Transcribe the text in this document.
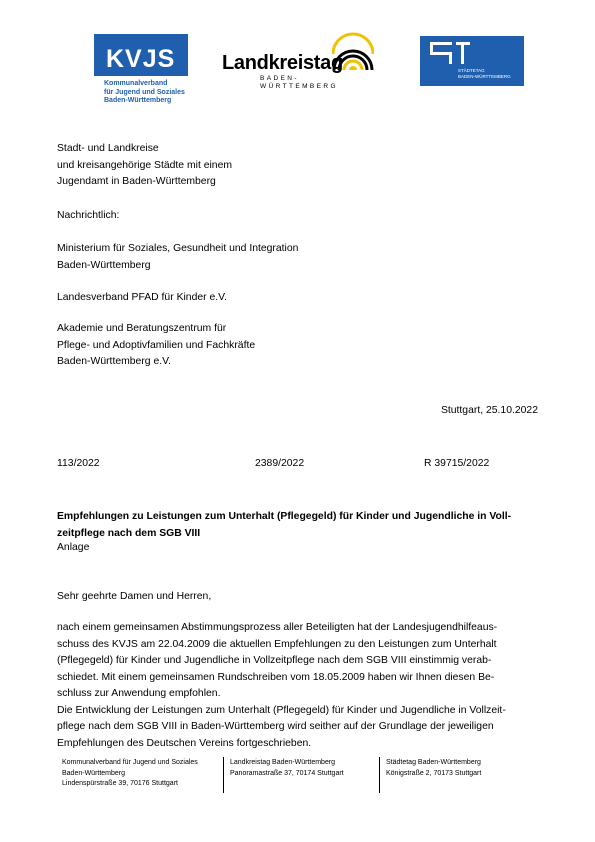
KVJS
Kommunalverband
für Jugend und Soziales
Baden-Württemberg
Landkreistag
BADEN-WÜRTTEMBERG
STÄDTETAG
BADEN-WÜRTTEMBERG
Stadt- und Landkreise
und kreisangehörige Städte mit einem
Jugendamt in Baden-Württemberg
Nachrichtlich:
Ministerium für Soziales, Gesundheit und Integration
Baden-Württemberg
Landesverband PFAD für Kinder e.V.
Akademie und Beratungszentrum für
Pflege- und Adoptivfamilien und Fachkräfte
Baden-Württemberg e.V.
Stuttgart, 25.10.2022
113/2022	2389/2022	R 39715/2022
Empfehlungen zu Leistungen zum Unterhalt (Pflegegeld) für Kinder und Jugendliche in Voll-
zeitpflege nach dem SGB VIII
Anlage
Sehr geehrte Damen und Herren,
nach einem gemeinsamen Abstimmungsprozess aller Beteiligten hat der Landesjugendhilfeaus-
schuss des KVJS am 22.04.2009 die aktuellen Empfehlungen zu den Leistungen zum Unterhalt
(Pflegegeld) für Kinder und Jugendliche in Vollzeitpflege nach dem SGB VIII einstimmig verab-
schiedet. Mit einem gemeinsamen Rundschreiben vom 18.05.2009 haben wir Ihnen diesen Be-
schluss zur Anwendung empfohlen.
Die Entwicklung der Leistungen zum Unterhalt (Pflegegeld) für Kinder und Jugendliche in Vollzeit-
pflege nach dem SGB VIII in Baden-Württemberg wird seither auf der Grundlage der jeweiligen
Empfehlungen des Deutschen Vereins fortgeschrieben.
Kommunalverband für Jugend und Soziales
Baden-Württemberg
Lindenspürstraße 39, 70176 Stuttgart
Landkreistag Baden-Württemberg
Panoramastraße 37, 70174 Stuttgart
Städtetag Baden-Württemberg
Königstraße 2, 70173 Stuttgart
